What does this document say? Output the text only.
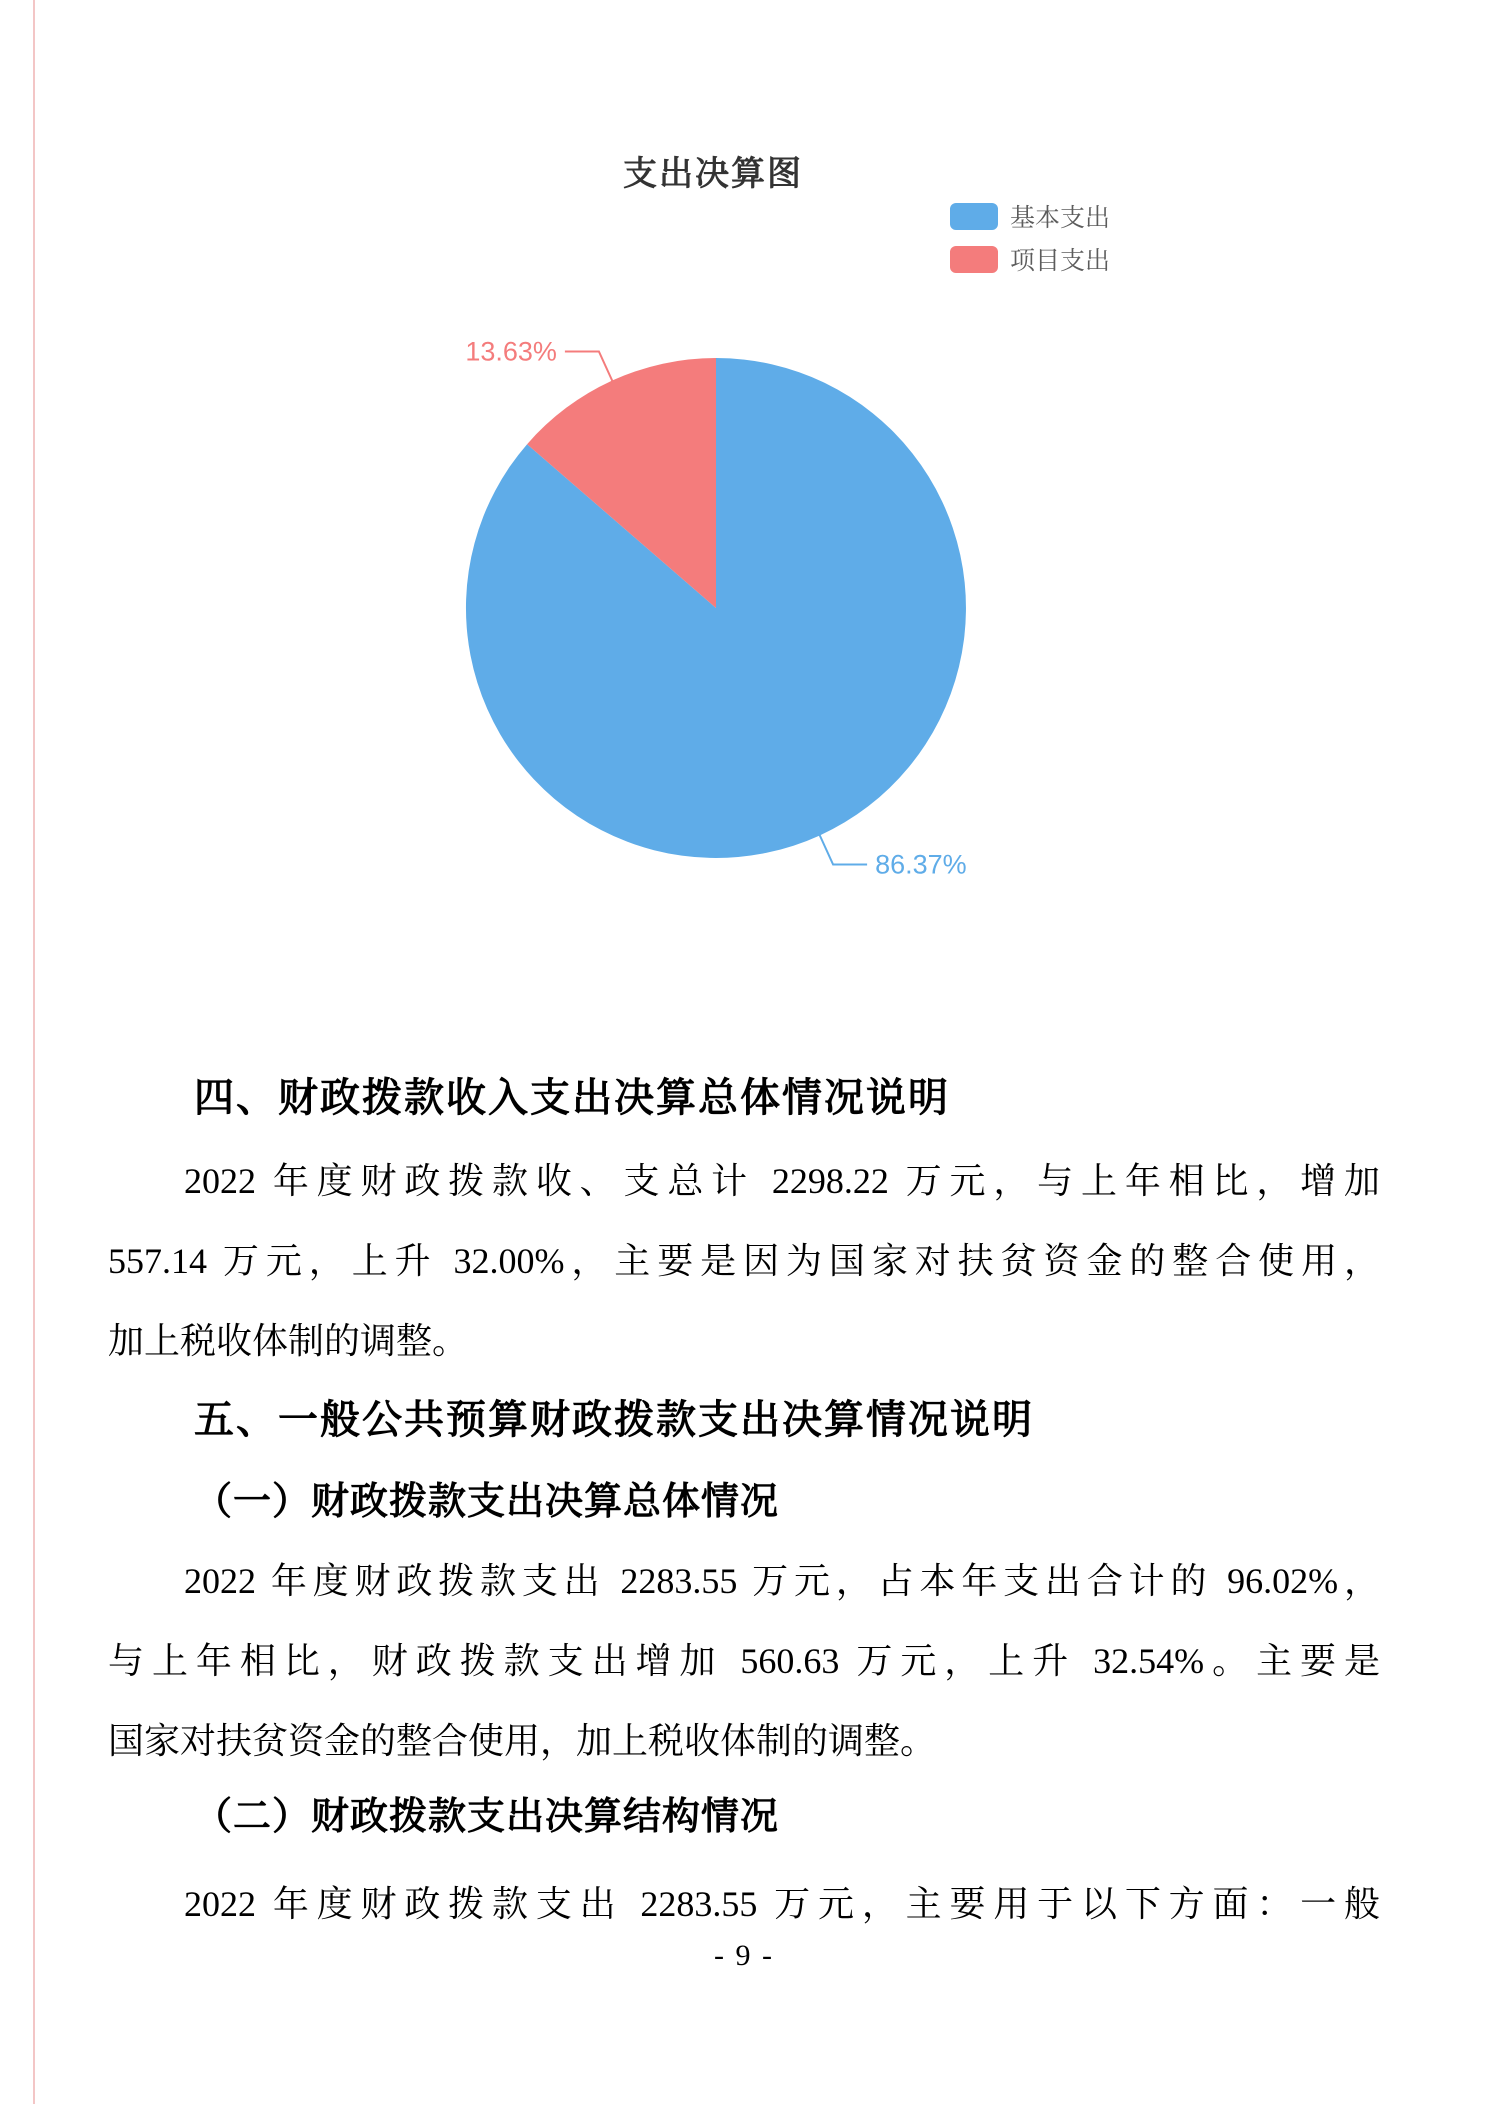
支出决算图
基本支出
项目支出
86.37%
13.63%
四、财政拨款收入支出决算总体情况说明
2022 年度财政拨款收、支总计 2298.22 万元，与上年相比，增加
557.14 万元，上升 32.00%，主要是因为国家对扶贫资金的整合使用，
加上税收体制的调整。
五、一般公共预算财政拨款支出决算情况说明
（一）财政拨款支出决算总体情况
2022 年度财政拨款支出 2283.55 万元，占本年支出合计的 96.02%，
与上年相比，财政拨款支出增加 560.63 万元，上升 32.54%。主要是
国家对扶贫资金的整合使用，加上税收体制的调整。
（二）财政拨款支出决算结构情况
2022 年度财政拨款支出 2283.55 万元，主要用于以下方面：一般
- 9 -
